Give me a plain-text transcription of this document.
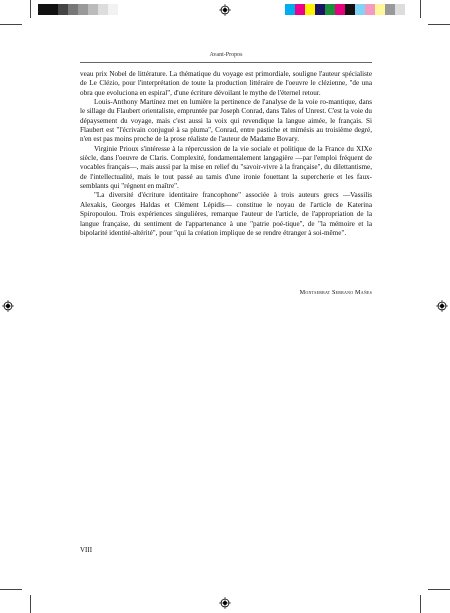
Avant-Propos

veau prix Nobel de littérature. La thématique du voyage est primordiale, souligne l'auteur spécialiste de Le Clézio, pour l'interprétation de toute la production littéraire de l'oeuvre le clézienne, "de una obra que evoluciona en espiral", d'une écriture dévoilant le mythe de l'éternel retour.

Louis-Anthony Martínez met en lumière la pertinence de l'analyse de la voie ro-mantique, dans le sillage du Flaubert orientaliste, empruntée par Joseph Conrad, dans Tales of Unrest. C'est la voie du dépaysement du voyage, mais c'est aussi la voix qui revendique la langue aimée, le français. Si Flaubert est "l'écrivain conjugué à sa pluma", Conrad, entre pastiche et mimésis au troisième degré, n'en est pas moins proche de la prose réaliste de l'auteur de Madame Bovary.

Virginie Prioux s'intéresse à la répercussion de la vie sociale et politique de la France du XIXe siècle, dans l'oeuvre de Claris. Complexité, fondamentalement langagière —par l'emploi fréquent de vocables français—, mais aussi par la mise en relief du "savoir-vivre à la française", du dilettantisme, de l'intellectualité, mais le tout passé au tamis d'une ironie fouettant la supercherie et les faux-semblants qui "régnent en maître".

"La diversité d'écriture identitaire francophone" associée à trois auteurs grecs —Vassilis Alexakis, Georges Haldas et Clément Lépidis— constitue le noyau de l'article de Katerina Spiropoulou. Trois expériences singulières, remarque l'auteur de l'article, de l'appropriation de la langue française, du sentiment de l'appartenance à une "patrie poé-tique", de "la mémoire et la bipolarité identité-altérité", pour "qui la création implique de se rendre étranger à soi-même".

Montserrat Serrano Mañes
VIII
